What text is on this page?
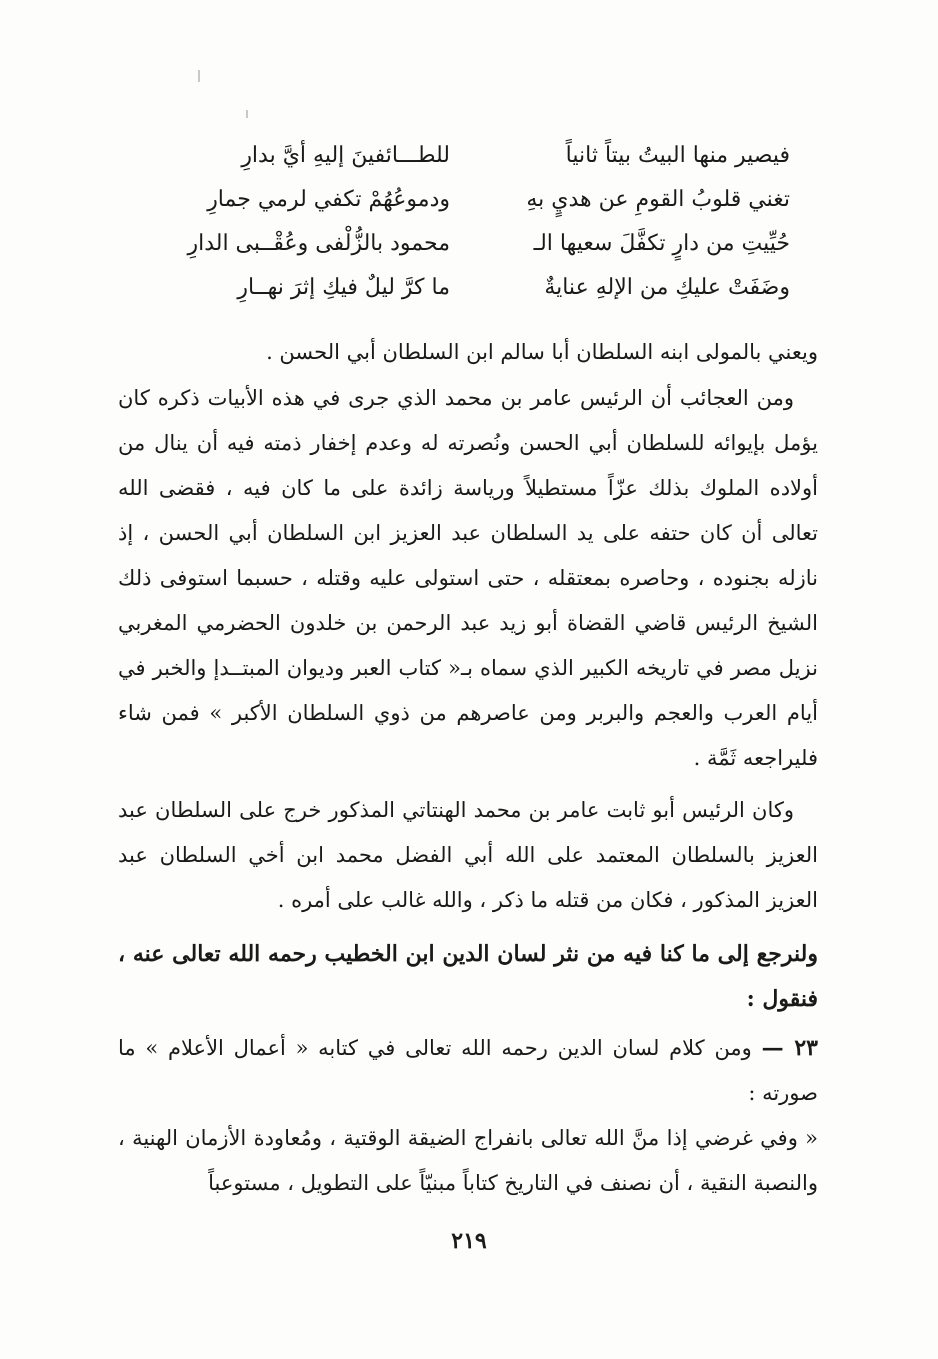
فيصير منها البيتُ بيتاً ثانياً
للطـــائفينَ إليهِ أيَّ بدارِ
تغني قلوبُ القومِ عن هديٍ بهِ
ودموعُهُمْ تكفي لرمي جمارِ
حُيِّيتِ من دارٍ تكفَّلَ سعيها الـ
محمود بالزُّلْفى وعُقْــبى الدارِ
وضَفَتْ عليكِ من الإلهِ عنايةٌ
ما كرَّ ليلٌ فيكِ إثرَ نهــارِ

ويعني بالمولى ابنه السلطان أبا سالم ابن السلطان أبي الحسن .

ومن العجائب أن الرئيس عامر بن محمد الذي جرى في هذه الأبيات ذكره كان يؤمل بإيوائه للسلطان أبي الحسن ونُصرته له وعدم إخفار ذمته فيه أن ينال من أولاده الملوك بذلك عزّاً مستطيلاً ورياسة زائدة على ما كان فيه ، فقضى الله تعالى أن كان حتفه على يد السلطان عبد العزيز ابن السلطان أبي الحسن ، إذ نازله بجنوده ، وحاصره بمعتقله ، حتى استولى عليه وقتله ، حسبما استوفى ذلك الشيخ الرئيس قاضي القضاة أبو زيد عبد الرحمن بن خلدون الحضرمي المغربي نزيل مصر في تاريخه الكبير الذي سماه بـ« كتاب العبر وديوان المبتــدإ والخبر في أيام العرب والعجم والبربر ومن عاصرهم من ذوي السلطان الأكبر » فمن شاء فليراجعه ثَمَّة .

وكان الرئيس أبو ثابت عامر بن محمد الهنتاتي المذكور خرج على السلطان عبد العزيز بالسلطان المعتمد على الله أبي الفضل محمد ابن أخي السلطان عبد العزيز المذكور ، فكان من قتله ما ذكر ، والله غالب على أمره .

ولنرجع إلى ما كنا فيه من نثر لسان الدين ابن الخطيب رحمه الله تعالى عنه ، فنقول :

٢٣ — ومن كلام لسان الدين رحمه الله تعالى في كتابه « أعمال الأعلام » ما صورته :

« وفي غرضي إذا منَّ الله تعالى بانفراج الضيقة الوقتية ، ومُعاودة الأزمان الهنية ، والنصبة النقية ، أن نصنف في التاريخ كتاباً مبنيّاً على التطويل ، مستوعباً

٢١٩
